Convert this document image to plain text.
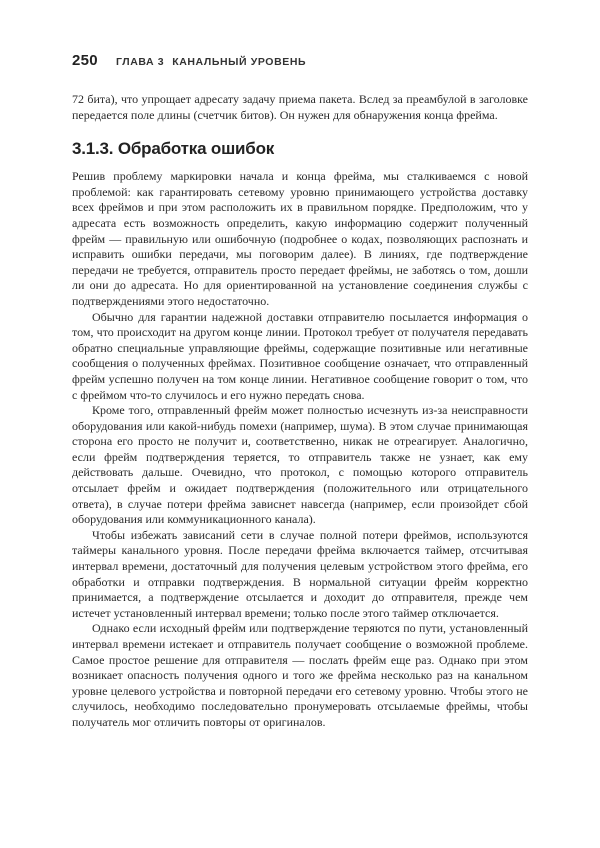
250 ГЛАВА 3 КАНАЛЬНЫЙ УРОВЕНЬ

72 бита), что упрощает адресату задачу приема пакета. Вслед за преамбулой в заголовке передается поле длины (счетчик битов). Он нужен для обнаружения конца фрейма.

3.1.3. Обработка ошибок

Решив проблему маркировки начала и конца фрейма, мы сталкиваемся с новой проблемой: как гарантировать сетевому уровню принимающего устройства доставку всех фреймов и при этом расположить их в правильном порядке. Предположим, что у адресата есть возможность определить, какую информацию содержит полученный фрейм — правильную или ошибочную (подробнее о кодах, позволяющих распознать и исправить ошибки передачи, мы поговорим далее). В линиях, где подтверждение передачи не требуется, отправитель просто передает фреймы, не заботясь о том, дошли ли они до адресата. Но для ориентированной на установление соединения службы с подтверждениями этого недостаточно.

Обычно для гарантии надежной доставки отправителю посылается информация о том, что происходит на другом конце линии. Протокол требует от получателя передавать обратно специальные управляющие фреймы, содержащие позитивные или негативные сообщения о полученных фреймах. Позитивное сообщение означает, что отправленный фрейм успешно получен на том конце линии. Негативное сообщение говорит о том, что с фреймом что-то случилось и его нужно передать снова.

Кроме того, отправленный фрейм может полностью исчезнуть из-за неисправности оборудования или какой-нибудь помехи (например, шума). В этом случае принимающая сторона его просто не получит и, соответственно, никак не отреагирует. Аналогично, если фрейм подтверждения теряется, то отправитель также не узнает, как ему действовать дальше. Очевидно, что протокол, с помощью которого отправитель отсылает фрейм и ожидает подтверждения (положительного или отрицательного ответа), в случае потери фрейма зависнет навсегда (например, если произойдет сбой оборудования или коммуникационного канала).

Чтобы избежать зависаний сети в случае полной потери фреймов, используются таймеры канального уровня. После передачи фрейма включается таймер, отсчитывая интервал времени, достаточный для получения целевым устройством этого фрейма, его обработки и отправки подтверждения. В нормальной ситуации фрейм корректно принимается, а подтверждение отсылается и доходит до отправителя, прежде чем истечет установленный интервал времени; только после этого таймер отключается.

Однако если исходный фрейм или подтверждение теряются по пути, установленный интервал времени истекает и отправитель получает сообщение о возможной проблеме. Самое простое решение для отправителя — послать фрейм еще раз. Однако при этом возникает опасность получения одного и того же фрейма несколько раз на канальном уровне целевого устройства и повторной передачи его сетевому уровню. Чтобы этого не случилось, необходимо последовательно пронумеровать отсылаемые фреймы, чтобы получатель мог отличить повторы от оригиналов.
